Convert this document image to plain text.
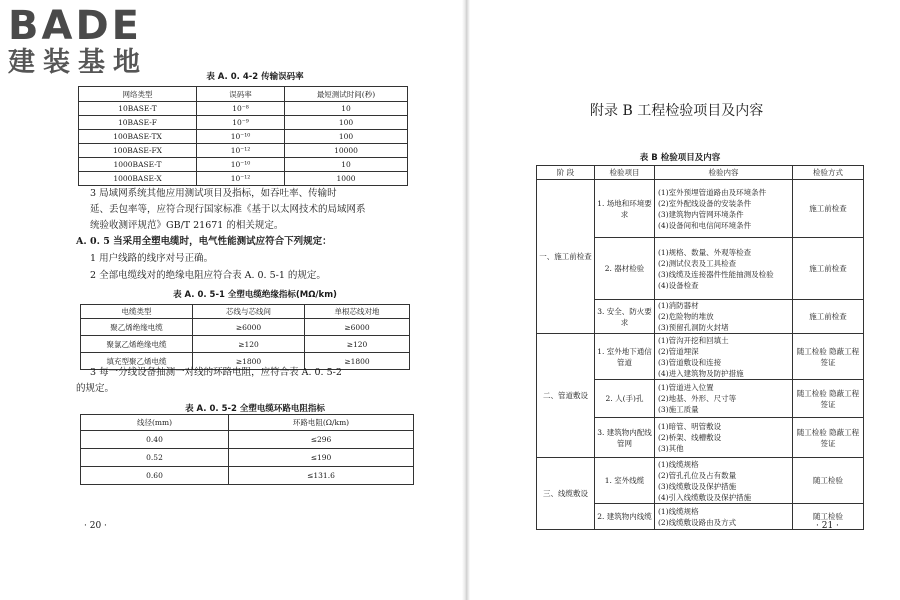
BADE
建装基地	表 A. 0. 4-2 传输误码率
网络类型	误码率	最短测试时间(秒)
10BASE-T	10⁻⁸	10
10BASE-F	10⁻⁹	100
100BASE-TX	10⁻¹⁰	100
100BASE-FX	10⁻¹²	10000
1000BASE-T	10⁻¹⁰	10
1000BASE-X	10⁻¹²	1000
3 局域网系统其他应用测试项目及指标，如吞吐率、传输时
延、丢包率等，应符合现行国家标准《基于以太网技术的局域网系
统验收测评规范》GB/T 21671 的相关规定。
A. 0. 5 当采用全塑电缆时，电气性能测试应符合下列规定：
1 用户线路的线序对号正确。
2 全部电缆线对的绝缘电阻应符合表 A. 0. 5-1 的规定。
表 A. 0. 5-1 全塑电缆绝缘指标(MΩ/km)
电缆类型	芯线与芯线间	单根芯线对地
聚乙烯绝缘电缆	≥6000	≥6000
聚氯乙烯绝缘电缆	≥120	≥120
填充型聚乙烯电缆	≥1800	≥1800
3 每一分线设备抽测一对线的环路电阻，应符合表 A. 0. 5-2
的规定。
表 A. 0. 5-2 全塑电缆环路电阻指标
线径(mm)	环路电阻(Ω/km)
0.40	≤296
0.52	≤190
0.60	≤131.6
· 20 ·
附录 B 工程检验项目及内容
表 B 检验项目及内容
阶 段	检验项目	检验内容	检验方式
一、施工前检查	1. 场地和环境要求	(1)室外预埋管道路由及环境条件
(2)室外配线设备的安装条件
(3)建筑物内管网环境条件
(4)设备间和电信间环境条件	施工前检查
	2. 器材检验	(1)规格、数量、外观等检查
(2)测试仪表及工具检查
(3)线缆及连接器件性能抽测及检验
(4)设备检查	施工前检查
	3. 安全、防火要求	(1)消防器材
(2)危险物的堆放
(3)预留孔洞防火封堵	施工前检查
二、管道敷设	1. 室外地下通信管道	(1)管沟开挖和回填土
(2)管道埋深
(3)管道敷设和连接
(4)进入建筑物及防护措施	随工检验 隐蔽工程签证
	2. 人(手)孔	(1)管道进入位置
(2)地基、外形、尺寸等
(3)施工质量	随工检验 隐蔽工程签证
	3. 建筑物内配线管网	(1)暗管、明管敷设
(2)桥架、线槽敷设
(3)其他	随工检验 隐蔽工程签证
三、线缆敷设	1. 室外线缆	(1)线缆规格
(2)管孔孔位及占有数量
(3)线缆敷设及保护措施
(4)引入线缆敷设及保护措施	随工检验
	2. 建筑物内线缆	(1)线缆规格
(2)线缆敷设路由及方式	随工检验
· 21 ·
